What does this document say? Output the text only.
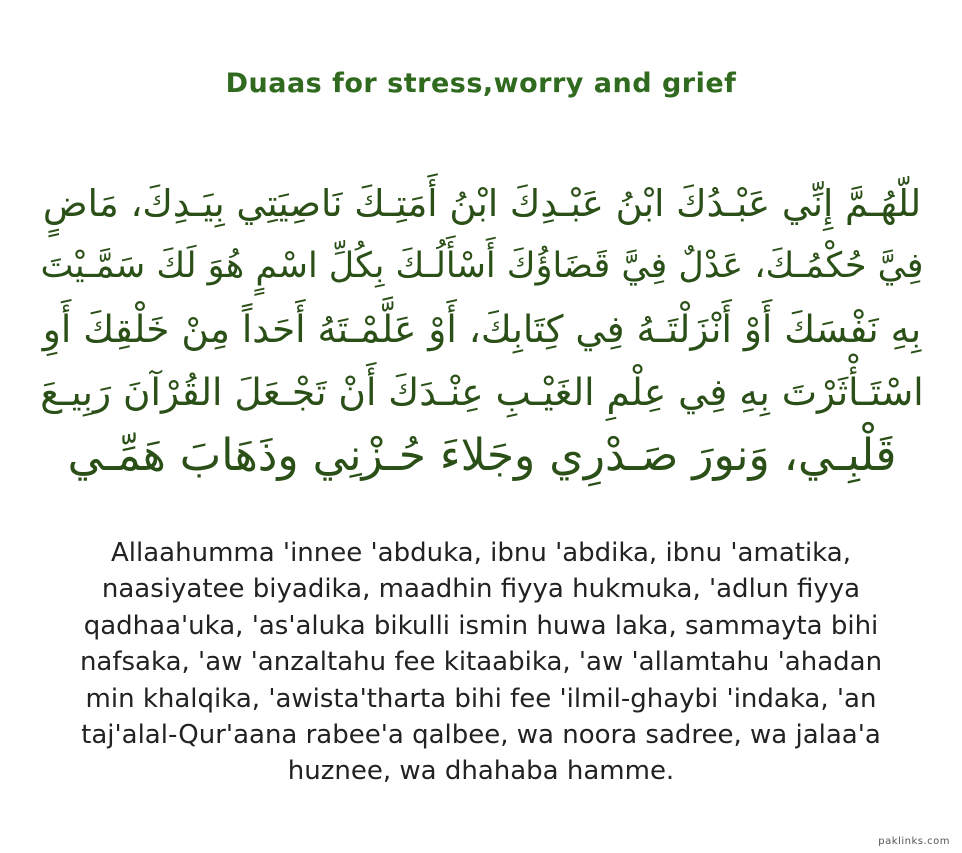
Duaas for stress,worry and grief
للّهُـمَّ إِنِّي عَبْـدُكَ ابْنُ عَبْـدِكَ ابْنُ أَمَتِـكَ نَاصِيَتِي بِيَـدِكَ، مَاضٍ
فِيَّ حُكْمُـكَ، عَدْلٌ فِيَّ قَضَاؤُكَ أَسْأَلُـكَ بِكُلِّ اسْمٍ هُوَ لَكَ سَمَّـيْتَ
بِهِ نَفْسَكَ أَوْ أَنْزَلْتَـهُ فِي كِتَابِكَ، أَوْ عَلَّمْـتَهُ أَحَداً مِنْ خَلْقِكَ أَوِ
اسْتَـأْثَرْتَ بِهِ فِي عِلْمِ الغَيْـبِ عِنْـدَكَ أَنْ تَجْـعَلَ القُرْآنَ رَبِيـعَ
قَلْبِـي، وَنورَ صَـدْرِي وجَلاءَ حُـزْنِي وذَهَابَ هَمِّـي
Allaahumma 'innee 'abduka, ibnu 'abdika, ibnu 'amatika,
naasiyatee biyadika, maadhin fiyya hukmuka, 'adlun fiyya
qadhaa'uka, 'as'aluka bikulli ismin huwa laka, sammayta bihi
nafsaka, 'aw 'anzaltahu fee kitaabika, 'aw 'allamtahu 'ahadan
min khalqika, 'awista'tharta bihi fee 'ilmil-ghaybi 'indaka, 'an
taj'alal-Qur'aana rabee'a qalbee, wa noora sadree, wa jalaa'a
huznee, wa dhahaba hamme.
paklinks.com
